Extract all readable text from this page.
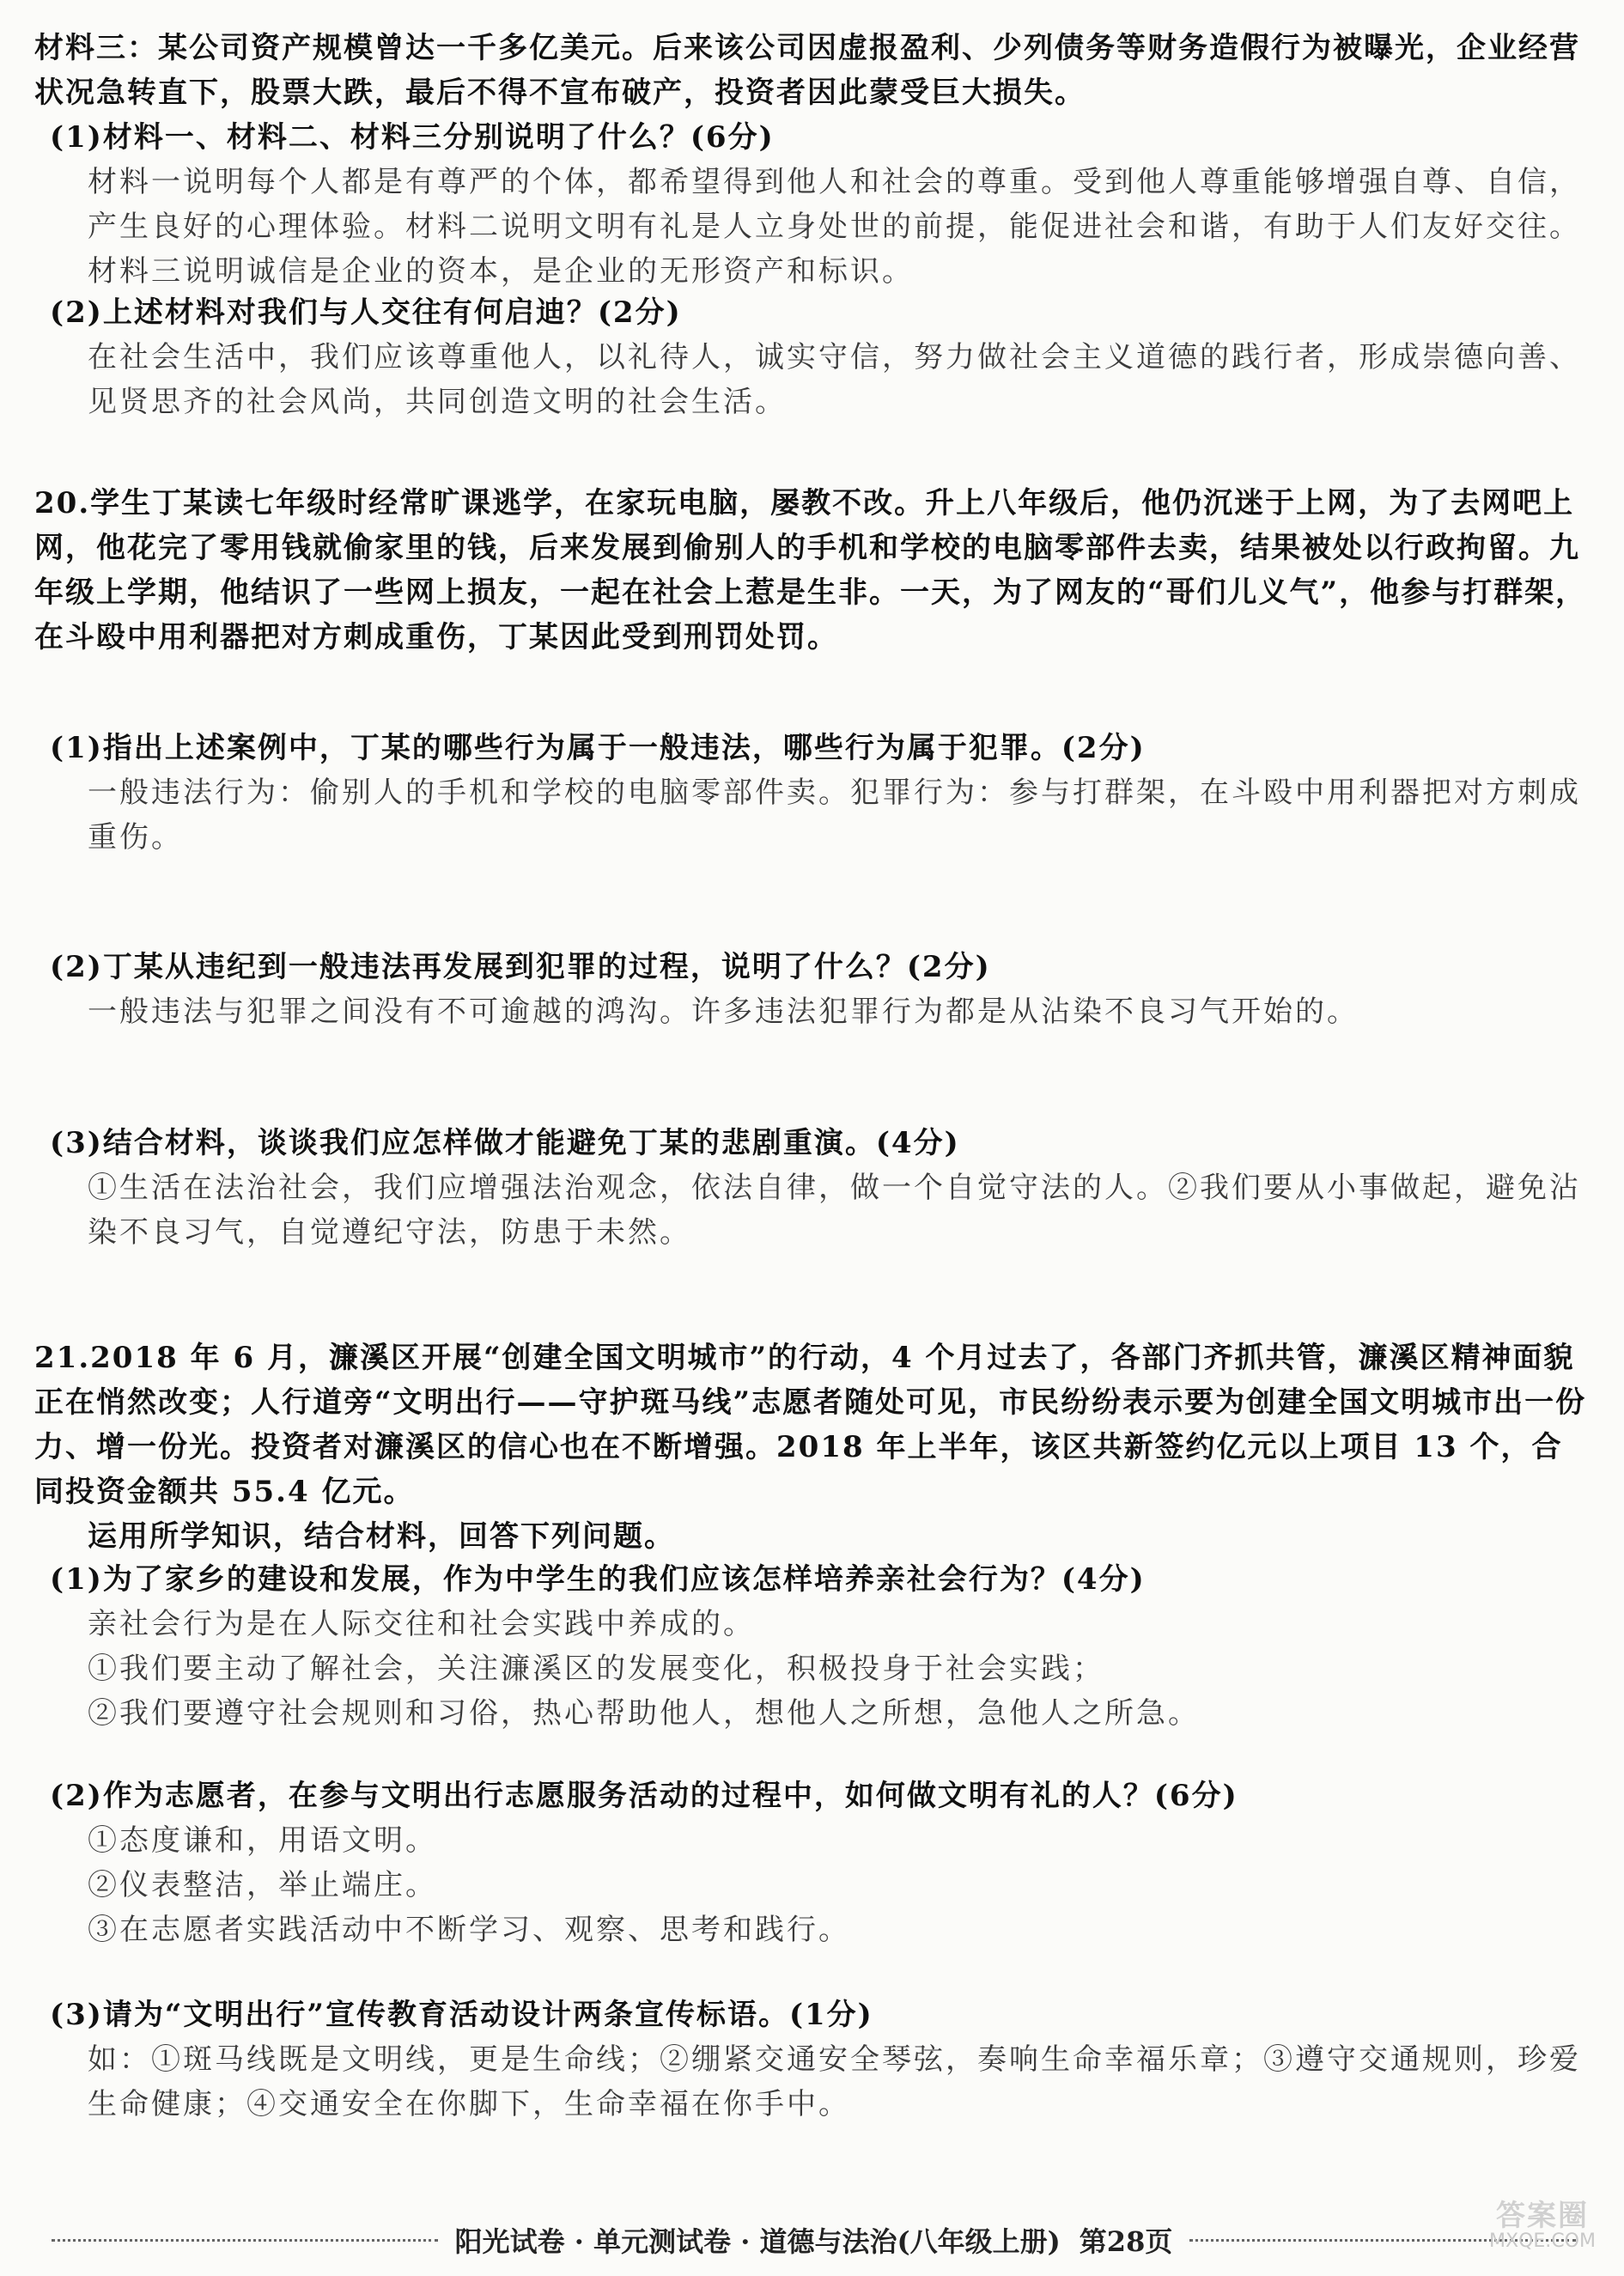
材料三：某公司资产规模曾达一千多亿美元。后来该公司因虚报盈利、少列债务等财务造假行为被曝光，企业经营状况急转直下，股票大跌，最后不得不宣布破产，投资者因此蒙受巨大损失。

(1)材料一、材料二、材料三分别说明了什么？(6分)

材料一说明每个人都是有尊严的个体，都希望得到他人和社会的尊重。受到他人尊重能够增强自尊、自信，产生良好的心理体验。材料二说明文明有礼是人立身处世的前提，能促进社会和谐，有助于人们友好交往。材料三说明诚信是企业的资本，是企业的无形资产和标识。

(2)上述材料对我们与人交往有何启迪？(2分)

在社会生活中，我们应该尊重他人，以礼待人，诚实守信，努力做社会主义道德的践行者，形成崇德向善、见贤思齐的社会风尚，共同创造文明的社会生活。

20.学生丁某读七年级时经常旷课逃学，在家玩电脑，屡教不改。升上八年级后，他仍沉迷于上网，为了去网吧上网，他花完了零用钱就偷家里的钱，后来发展到偷别人的手机和学校的电脑零部件去卖，结果被处以行政拘留。九年级上学期，他结识了一些网上损友，一起在社会上惹是生非。一天，为了网友的“哥们儿义气”，他参与打群架，在斗殴中用利器把对方刺成重伤，丁某因此受到刑罚处罚。

(1)指出上述案例中，丁某的哪些行为属于一般违法，哪些行为属于犯罪。(2分)

一般违法行为：偷别人的手机和学校的电脑零部件卖。犯罪行为：参与打群架，在斗殴中用利器把对方刺成重伤。

(2)丁某从违纪到一般违法再发展到犯罪的过程，说明了什么？(2分)

一般违法与犯罪之间没有不可逾越的鸿沟。许多违法犯罪行为都是从沾染不良习气开始的。

(3)结合材料，谈谈我们应怎样做才能避免丁某的悲剧重演。(4分)

①生活在法治社会，我们应增强法治观念，依法自律，做一个自觉守法的人。②我们要从小事做起，避免沾染不良习气，自觉遵纪守法，防患于未然。

21.2018 年 6 月，濂溪区开展“创建全国文明城市”的行动，4 个月过去了，各部门齐抓共管，濂溪区精神面貌正在悄然改变；人行道旁“文明出行——守护斑马线”志愿者随处可见，市民纷纷表示要为创建全国文明城市出一份力、增一份光。投资者对濂溪区的信心也在不断增强。2018 年上半年，该区共新签约亿元以上项目 13 个，合同投资金额共 55.4 亿元。

运用所学知识，结合材料，回答下列问题。

(1)为了家乡的建设和发展，作为中学生的我们应该怎样培养亲社会行为？(4分)

亲社会行为是在人际交往和社会实践中养成的。

①我们要主动了解社会，关注濂溪区的发展变化，积极投身于社会实践；

②我们要遵守社会规则和习俗，热心帮助他人，想他人之所想，急他人之所急。

(2)作为志愿者，在参与文明出行志愿服务活动的过程中，如何做文明有礼的人？(6分)

①态度谦和，用语文明。

②仪表整洁，举止端庄。

③在志愿者实践活动中不断学习、观察、思考和践行。

(3)请为“文明出行”宣传教育活动设计两条宣传标语。(1分)

如：①斑马线既是文明线，更是生命线；②绷紧交通安全琴弦，奏响生命幸福乐章；③遵守交通规则，珍爱生命健康；④交通安全在你脚下，生命幸福在你手中。

阳光试卷 · 单元测试卷 · 道德与法治(八年级上册) 第28页
答案圈
MXQE.COM
